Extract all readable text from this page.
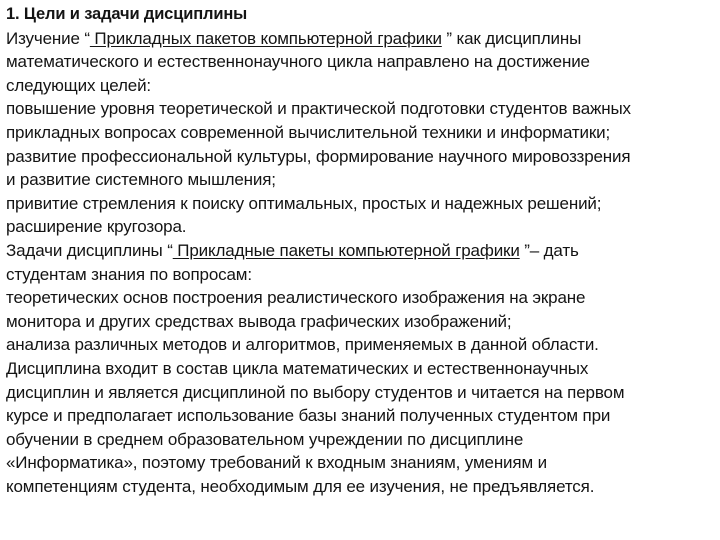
1. Цели и задачи дисциплины
Изучение “ Прикладных пакетов компьютерной графики ” как дисциплины
математического и естественнонаучного цикла направлено на достижение
следующих целей:
повышение уровня теоретической и практической подготовки студентов важных
прикладных вопросах современной вычислительной техники и информатики;
развитие профессиональной культуры, формирование научного мировоззрения
и развитие системного мышления;
привитие стремления к поиску оптимальных, простых и надежных решений;
расширение кругозора.
Задачи дисциплины “ Прикладные пакеты компьютерной графики ”– дать
студентам знания по вопросам:
теоретических основ построения реалистического изображения на экране
монитора и других средствах вывода графических изображений;
анализа различных методов и алгоритмов, применяемых в данной области.
Дисциплина входит в состав цикла математических и естественнонаучных
дисциплин и является дисциплиной по выбору студентов и читается на первом
курсе и предполагает использование базы знаний полученных студентом при
обучении в среднем образовательном учреждении по дисциплине
«Информатика», поэтому требований к входным знаниям, умениям и
компетенциям студента, необходимым для ее изучения, не предъявляется.
